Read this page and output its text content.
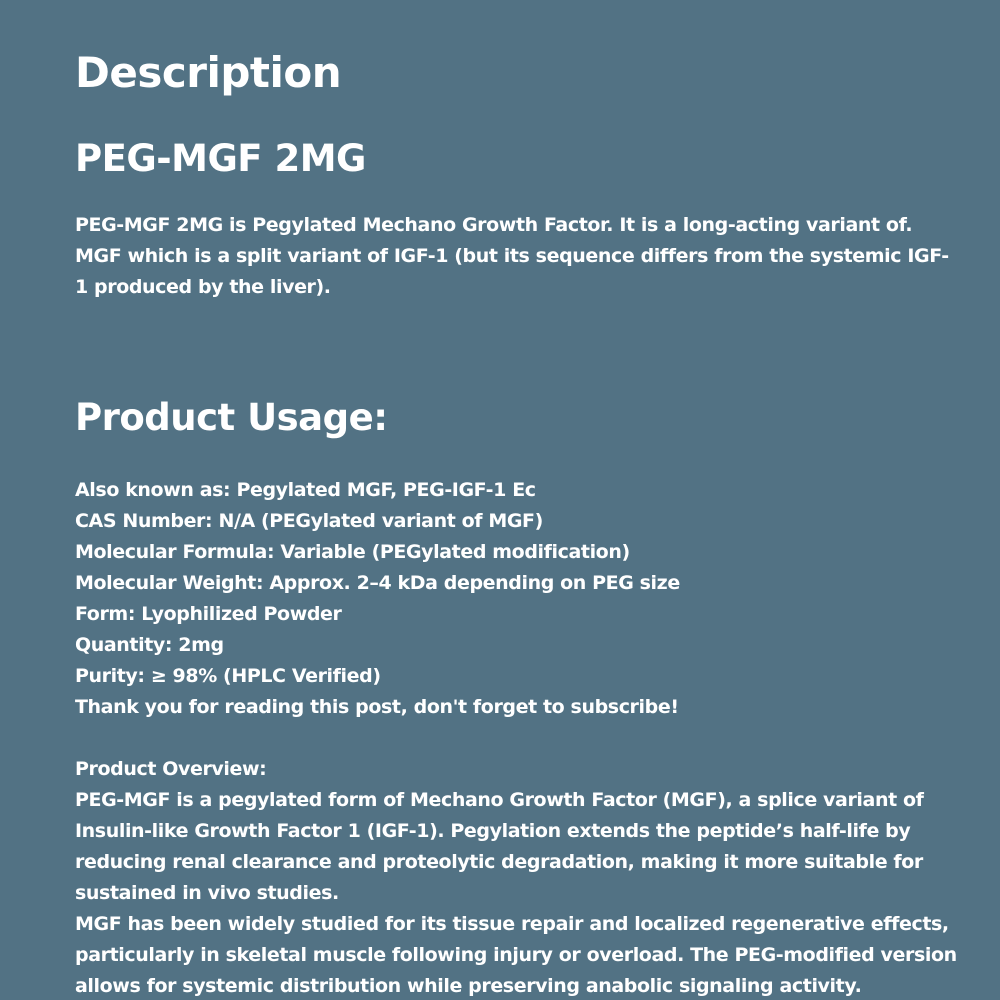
Description
PEG-MGF 2MG

PEG-MGF 2MG is Pegylated Mechano Growth Factor. It is a long-acting variant of. MGF which is a split variant of IGF-1 (but its sequence differs from the systemic IGF-1 produced by the liver).

Product Usage:

Also known as: Pegylated MGF, PEG-IGF-1 Ec

CAS Number: N/A (PEGylated variant of MGF)

Molecular Formula: Variable (PEGylated modification)

Molecular Weight: Approx. 2–4 kDa depending on PEG size

Form: Lyophilized Powder

Quantity: 2mg

Purity: ≥ 98% (HPLC Verified)

Thank you for reading this post, don't forget to subscribe!

Product Overview:

PEG-MGF is a pegylated form of Mechano Growth Factor (MGF), a splice variant of Insulin-like Growth Factor 1 (IGF-1). Pegylation extends the peptide’s half-life by reducing renal clearance and proteolytic degradation, making it more suitable for sustained in vivo studies.

MGF has been widely studied for its tissue repair and localized regenerative effects, particularly in skeletal muscle following injury or overload. The PEG-modified version allows for systemic distribution while preserving anabolic signaling activity.
